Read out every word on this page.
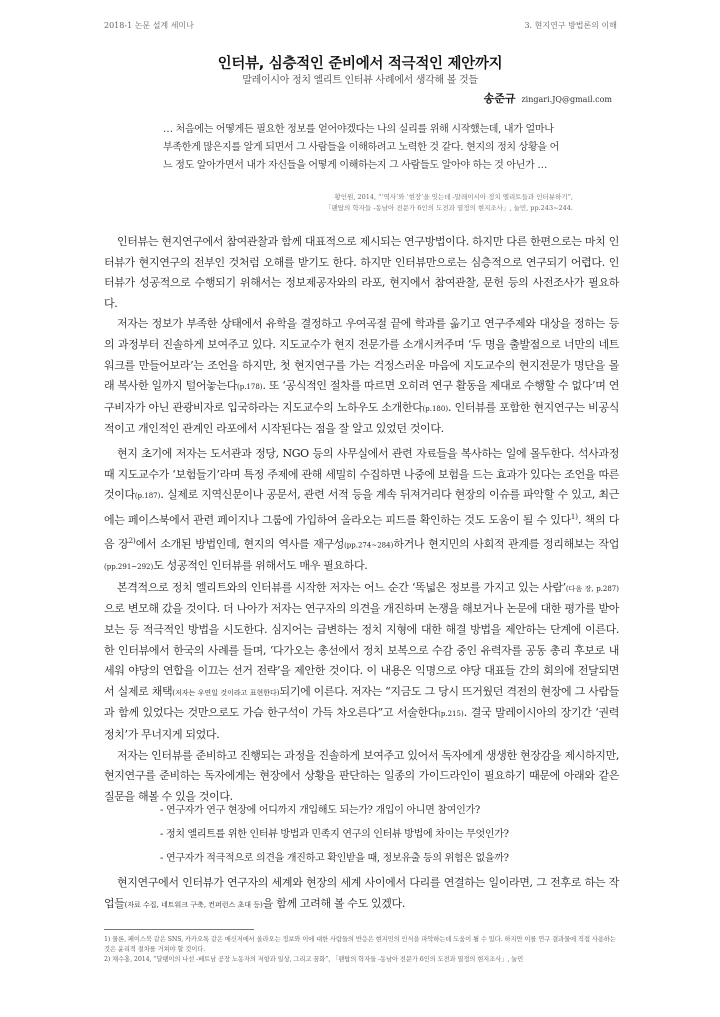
2018-1 논문 설계 세미나	3. 현지연구 방법론의 이해
인터뷰, 심층적인 준비에서 적극적인 제안까지
말레이시아 정치 엘리트 인터뷰 사례에서 생각해 볼 것들
송준규 zingari.JQ@gmail.com
… 처음에는 어떻게든 필요한 정보를 얻어야겠다는 나의 실리를 위해 시작했는데, 내가 얼마나 부족한게 많은지를 알게 되면서 그 사람들을 이해하려고 노력한 것 같다. 현지의 정치 상황을 어느 정도 알아가면서 내가 자신들을 어떻게 이해하는지 그 사람들도 알아야 하는 것 아닌가 …
황인원, 2014, “‘역사’와 ‘현장’을 잇는데 -말레이시아 정치 엘리트들과 인터뷰하기”,
「팬탑의 학자들 -동남아 전문가 6인의 도전과 열정의 현지조사」, 눌민, pp.243~244.

인터뷰는 현지연구에서 참여관찰과 함께 대표적으로 제시되는 연구방법이다. 하지만 다른 한편으로는 마치 인터뷰가 현지연구의 전부인 것처럼 오해를 받기도 한다. 하지만 인터뷰만으로는 심층적으로 연구되기 어렵다. 인터뷰가 성공적으로 수행되기 위해서는 정보제공자와의 라포, 현지에서 참여관찰, 문헌 등의 사전조사가 필요하다.

저자는 정보가 부족한 상태에서 유학을 결정하고 우여곡절 끝에 학과를 옮기고 연구주제와 대상을 정하는 등의 과정부터 진솔하게 보여주고 있다. 지도교수가 현지 전문가를 소개시켜주며 ‘두 명을 출발점으로 너만의 네트워크를 만들어보라’는 조언을 하지만, 첫 현지연구를 가는 걱정스러운 마음에 지도교수의 현지전문가 명단을 몰래 복사한 일까지 털어놓는다(p.178). 또 ‘공식적인 절차를 따르면 오히려 연구 활동을 제대로 수행할 수 없다’며 연구비자가 아닌 관광비자로 입국하라는 지도교수의 노하우도 소개한다(p.180). 인터뷰를 포함한 현지연구는 비공식적이고 개인적인 관계인 라포에서 시작된다는 점을 잘 알고 있었던 것이다.

현지 초기에 저자는 도서관과 정당, NGO 등의 사무실에서 관련 자료들을 복사하는 일에 몰두한다. 석사과정 때 지도교수가 ‘보험들기’라며 특정 주제에 관해 세밀히 수집하면 나중에 보험을 드는 효과가 있다는 조언을 따른 것이다(p.187). 실제로 지역신문이나 공문서, 관련 서적 등을 계속 뒤져거리다 현장의 이슈를 파악할 수 있고, 최근에는 페이스북에서 관련 페이지나 그룹에 가입하여 올라오는 피드를 확인하는 것도 도움이 될 수 있다$^{1)}$. 책의 다음 장$^{2)}$에서 소개된 방법인데, 현지의 역사를 재구성(pp.274~284)하거나 현지민의 사회적 관계를 정리해보는 작업(pp.291~292)도 성공적인 인터뷰를 위해서도 매우 필요하다.

본격적으로 정치 엘리트와의 인터뷰를 시작한 저자는 어느 순간 ‘똑넓은 정보를 가지고 있는 사람’(다음 장, p.287)으로 변모해 갔을 것이다. 더 나아가 저자는 연구자의 의견을 개진하며 논쟁을 해보거나 논문에 대한 평가를 받아보는 등 적극적인 방법을 시도한다. 심지어는 급변하는 정치 지형에 대한 해결 방법을 제안하는 단계에 이른다. 한 인터뷰에서 한국의 사례를 들며, ‘다가오는 총선에서 정치 보복으로 수감 중인 유력자를 공동 총리 후보로 내세워 야당의 연합을 이끄는 선거 전략’을 제안한 것이다. 이 내용은 익명으로 야당 대표들 간의 회의에 전달되면서 실제로 채택(저자는 우연일 것이라고 표현한다)되기에 이른다. 저자는 “지금도 그 당시 뜨거웠던 격전의 현장에 그 사람들과 함께 있었다는 것만으로도 가슴 한구석이 가득 차오른다”고 서술한다(p.215). 결국 말레이시아의 장기간 ‘권력정치’가 무너지게 되었다.

저자는 인터뷰를 준비하고 진행되는 과정을 진솔하게 보여주고 있어서 독자에게 생생한 현장감을 제시하지만, 현지연구를 준비하는 독자에게는 현장에서 상황을 판단하는 일종의 가이드라인이 필요하기 때문에 아래와 같은 질문을 해볼 수 있을 것이다.

- 연구자가 연구 현장에 어디까지 개입해도 되는가? 개입이 아니면 참여인가?
- 정치 엘리트를 위한 인터뷰 방법과 민족지 연구의 인터뷰 방법에 차이는 무엇인가?
- 연구자가 적극적으로 의견을 개진하고 확인받을 때, 정보유출 등의 위험은 없을까?

현지연구에서 인터뷰가 연구자의 세계와 현장의 세계 사이에서 다리를 연결하는 일이라면, 그 전후로 하는 작업들(자료 수집, 네트워크 구축, 컨퍼런스 초대 등)을 함께 고려해 볼 수도 있겠다.

1) 물론, 페이스북 같은 SNS, 카카오톡 같은 메신저에서 올라오는 정보와 이에 대한 사람들의 반응은 현지민의 인식을 파악하는데 도움이 될 수 있다. 하지만 이를 연구 결과물에 직접 사용하는 것은 윤리적 절차를 거쳐야 할 것이다.
2) 채수홍, 2014, “달팽이의 나선 -베트남 공장 노동자의 저항과 일상, 그리고 꿈화”, 「팬탑의 학자들 -동남아 전문가 6인의 도전과 열정의 현지조사」, 눌민
